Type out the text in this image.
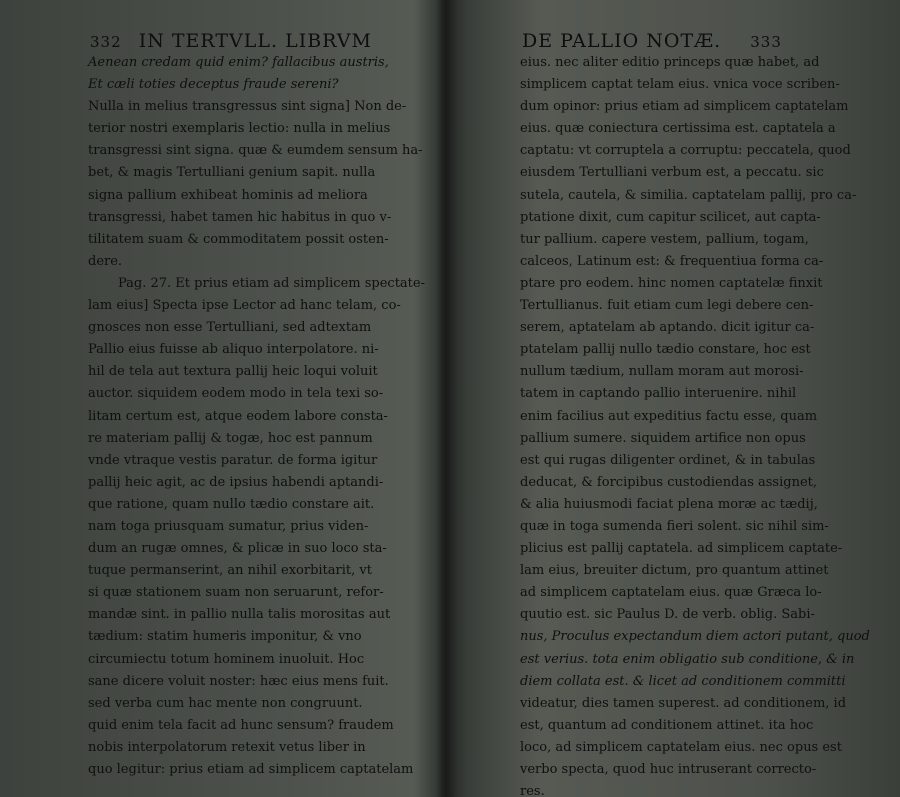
332 IN TERTVLL. LIBRVM
Aenean credam quid enim? fallacibus austris,
Et cæli toties deceptus fraude sereni?
Nulla in melius transgressus sint signa] Non de-
terior nostri exemplaris lectio: nulla in melius
transgressi sint signa. quæ & eumdem sensum ha-
bet, & magis Tertulliani genium sapit. nulla
signa pallium exhibeat hominis ad meliora
transgressi, habet tamen hic habitus in quo v-
tilitatem suam & commoditatem possit osten-
dere.
Pag. 27. Et prius etiam ad simplicem spectate-
lam eius] Specta ipse Lector ad hanc telam, co-
gnosces non esse Tertulliani, sed adtextam
Pallio eius fuisse ab aliquo interpolatore. ni-
hil de tela aut textura pallij heic loqui voluit
auctor. siquidem eodem modo in tela texi so-
litam certum est, atque eodem labore consta-
re materiam pallij & togæ, hoc est pannum
vnde vtraque vestis paratur. de forma igitur
pallij heic agit, ac de ipsius habendi aptandi-
que ratione, quam nullo tædio constare ait.
nam toga priusquam sumatur, prius viden-
dum an rugæ omnes, & plicæ in suo loco sta-
tuque permanserint, an nihil exorbitarit, vt
si quæ stationem suam non seruarunt, refor-
mandæ sint. in pallio nulla talis morositas aut
tædium: statim humeris imponitur, & vno
circumiectu totum hominem inuoluit. Hoc
sane dicere voluit noster: hæc eius mens fuit.
sed verba cum hac mente non congruunt.
quid enim tela facit ad hunc sensum? fraudem
nobis interpolatorum retexit vetus liber in
quo legitur: prius etiam ad simplicem captatelam
DE PALLIO NOTÆ. 333
eius. nec aliter editio princeps quæ habet, ad
simplicem captat telam eius. vnica voce scriben-
dum opinor: prius etiam ad simplicem captatelam
eius. quæ coniectura certissima est. captatela a
captatu: vt corruptela a corruptu: peccatela, quod
eiusdem Tertulliani verbum est, a peccatu. sic
sutela, cautela, & similia. captatelam pallij, pro ca-
ptatione dixit, cum capitur scilicet, aut capta-
tur pallium. capere vestem, pallium, togam,
calceos, Latinum est: & frequentiua forma ca-
ptare pro eodem. hinc nomen captatelæ finxit
Tertullianus. fuit etiam cum legi debere cen-
serem, aptatelam ab aptando. dicit igitur ca-
ptatelam pallij nullo tædio constare, hoc est
nullum tædium, nullam moram aut morosi-
tatem in captando pallio interuenire. nihil
enim facilius aut expeditius factu esse, quam
pallium sumere. siquidem artifice non opus
est qui rugas diligenter ordinet, & in tabulas
deducat, & forcipibus custodiendas assignet,
& alia huiusmodi faciat plena moræ ac tædij,
quæ in toga sumenda fieri solent. sic nihil sim-
plicius est pallij captatela. ad simplicem captate-
lam eius, breuiter dictum, pro quantum attinet
ad simplicem captatelam eius. quæ Græca lo-
quutio est. sic Paulus D. de verb. oblig. Sabi-
nus, Proculus expectandum diem actori putant, quod
est verius. tota enim obligatio sub conditione, & in
diem collata est. & licet ad conditionem committi
videatur, dies tamen superest. ad conditionem, id
est, quantum ad conditionem attinet. ita hoc
loco, ad simplicem captatelam eius. nec opus est
verbo specta, quod huc intruserant correcto-
res.
